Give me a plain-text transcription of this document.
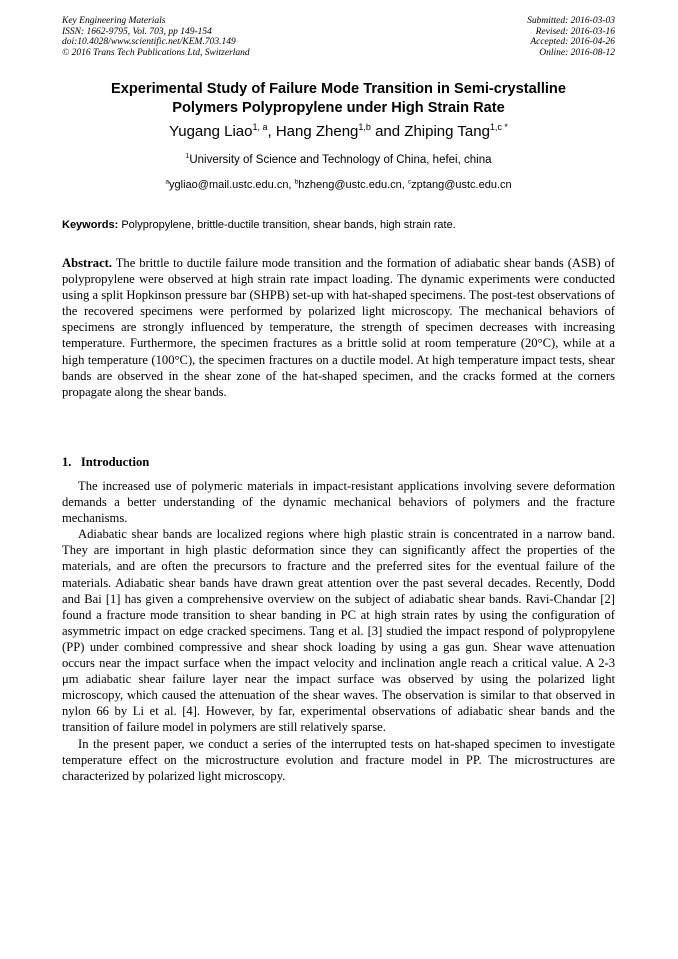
Key Engineering Materials
ISSN: 1662-9795, Vol. 703, pp 149-154
doi:10.4028/www.scientific.net/KEM.703.149
© 2016 Trans Tech Publications Ltd, Switzerland
Submitted: 2016-03-03
Revised: 2016-03-16
Accepted: 2016-04-26
Online: 2016-08-12
Experimental Study of Failure Mode Transition in Semi-crystalline
Polymers Polypropylene under High Strain Rate
Yugang Liao$^{1, a}$, Hang Zheng$^{1,b}$ and Zhiping Tang$^{1,c *}$
$^1$University of Science and Technology of China, hefei, china
$^a$ygliao@mail.ustc.edu.cn, $^b$hzheng@ustc.edu.cn, $^c$zptang@ustc.edu.cn
Keywords: Polypropylene, brittle-ductile transition, shear bands, high strain rate.
Abstract. The brittle to ductile failure mode transition and the formation of adiabatic shear bands (ASB) of polypropylene were observed at high strain rate impact loading. The dynamic experiments were conducted using a split Hopkinson pressure bar (SHPB) set-up with hat-shaped specimens. The post-test observations of the recovered specimens were performed by polarized light microscopy. The mechanical behaviors of specimens are strongly influenced by temperature, the strength of specimen decreases with increasing temperature. Furthermore, the specimen fractures as a brittle solid at room temperature (20°C), while at a high temperature (100°C), the specimen fractures on a ductile model. At high temperature impact tests, shear bands are observed in the shear zone of the hat-shaped specimen, and the cracks formed at the corners propagate along the shear bands.
1.   Introduction

The increased use of polymeric materials in impact-resistant applications involving severe deformation demands a better understanding of the dynamic mechanical behaviors of polymers and the fracture mechanisms.

Adiabatic shear bands are localized regions where high plastic strain is concentrated in a narrow band. They are important in high plastic deformation since they can significantly affect the properties of the materials, and are often the precursors to fracture and the preferred sites for the eventual failure of the materials. Adiabatic shear bands have drawn great attention over the past several decades. Recently, Dodd and Bai [1] has given a comprehensive overview on the subject of adiabatic shear bands. Ravi-Chandar [2] found a fracture mode transition to shear banding in PC at high strain rates by using the configuration of asymmetric impact on edge cracked specimens. Tang et al. [3] studied the impact respond of polypropylene (PP) under combined compressive and shear shock loading by using a gas gun. Shear wave attenuation occurs near the impact surface when the impact velocity and inclination angle reach a critical value. A 2-3 μm adiabatic shear failure layer near the impact surface was observed by using the polarized light microscopy, which caused the attenuation of the shear waves. The observation is similar to that observed in nylon 66 by Li et al. [4]. However, by far, experimental observations of adiabatic shear bands and the transition of failure model in polymers are still relatively sparse.

In the present paper, we conduct a series of the interrupted tests on hat-shaped specimen to investigate temperature effect on the microstructure evolution and fracture model in PP. The microstructures are characterized by polarized light microscopy.
